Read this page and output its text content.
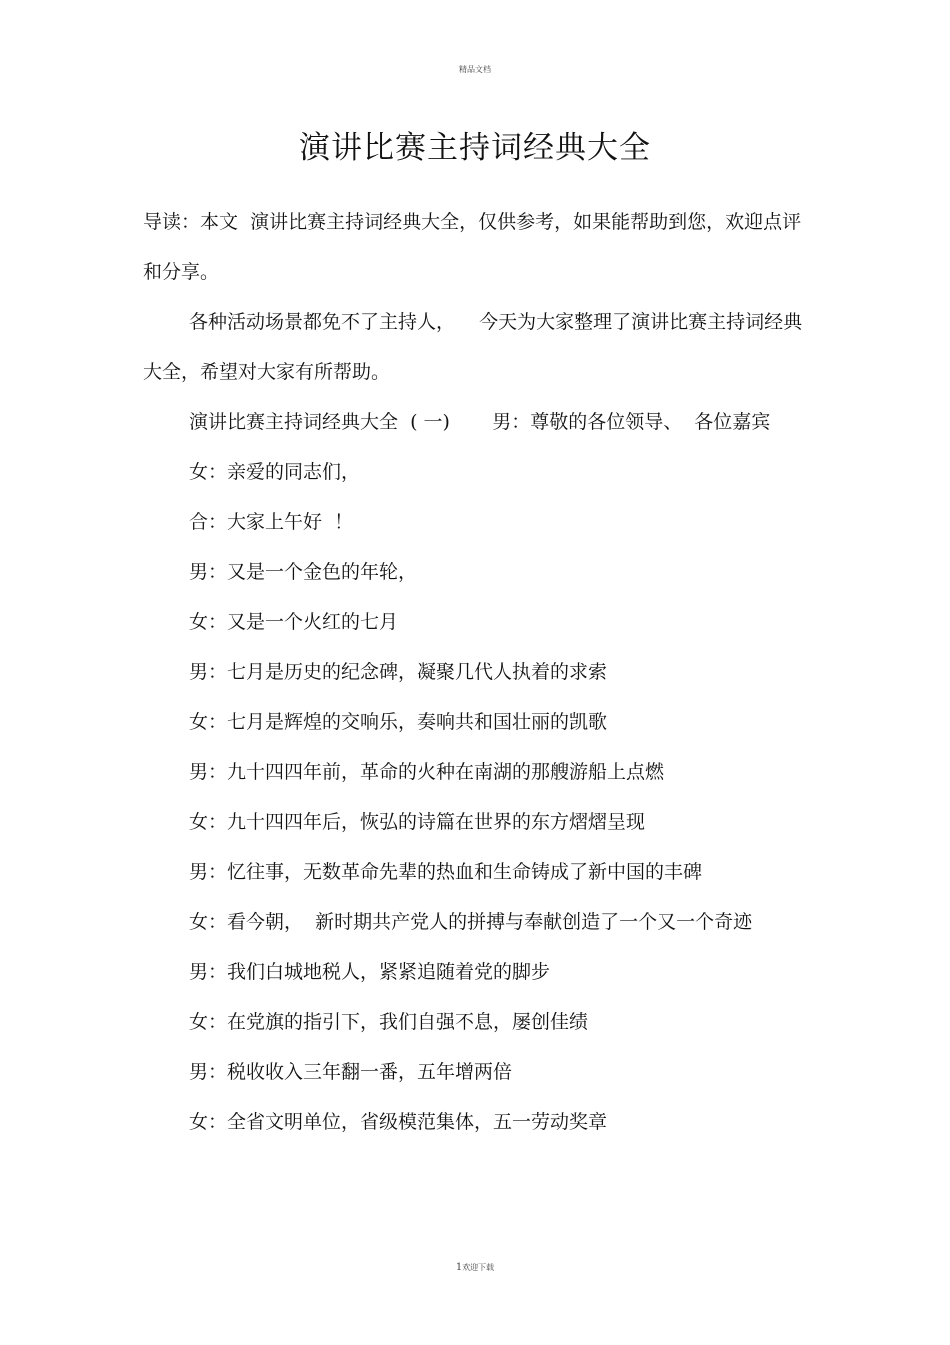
精品文档
演讲比赛主持词经典大全

导读：本文  演讲比赛主持词经典大全，仅供参考，如果能帮助到您，欢迎点评和分享。

各种活动场景都免不了主持人，    今天为大家整理了演讲比赛主持词经典大全，希望对大家有所帮助。

演讲比赛主持词经典大全  ( 一)       男：尊敬的各位领导、  各位嘉宾

女：亲爱的同志们，

合：大家上午好  ！

男：又是一个金色的年轮，

女：又是一个火红的七月

男：七月是历史的纪念碑，凝聚几代人执着的求索

女：七月是辉煌的交响乐，奏响共和国壮丽的凯歌

男：九十四四年前，革命的火种在南湖的那艘游船上点燃

女：九十四四年后，恢弘的诗篇在世界的东方熠熠呈现

男：忆往事，无数革命先辈的热血和生命铸成了新中国的丰碑

女：看今朝，  新时期共产党人的拼搏与奉献创造了一个又一个奇迹

男：我们白城地税人，紧紧追随着党的脚步

女：在党旗的指引下，我们自强不息，屡创佳绩

男：税收收入三年翻一番，五年增两倍

女：全省文明单位，省级模范集体，五一劳动奖章

1欢迎下载
